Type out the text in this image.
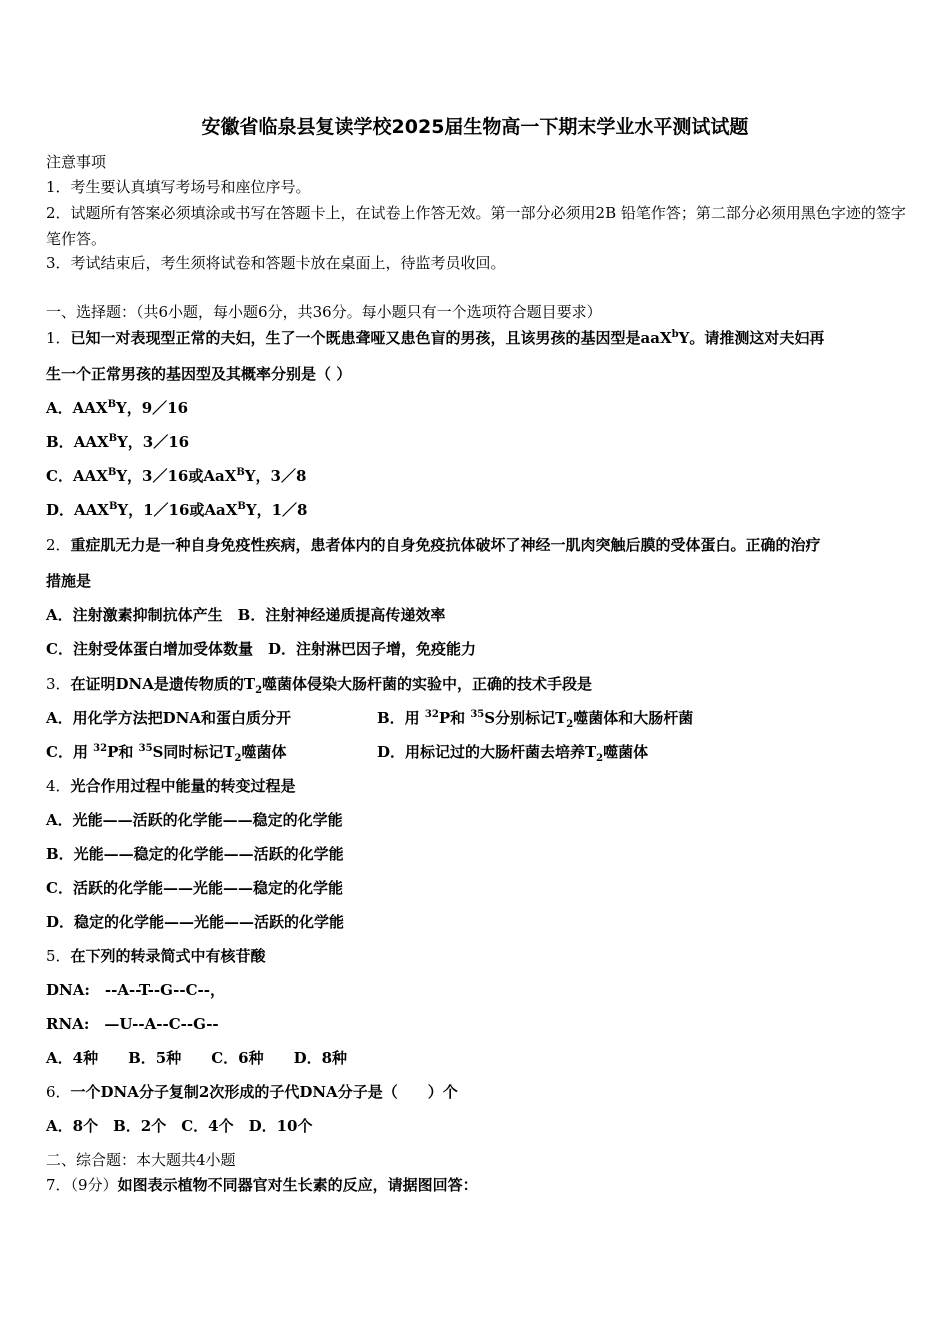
安徽省临泉县复读学校2025届生物高一下期末学业水平测试试题
注意事项
1．考生要认真填写考场号和座位序号。
2．试题所有答案必须填涂或书写在答题卡上，在试卷上作答无效。第一部分必须用2B 铅笔作答；第二部分必须用黑色字迹的签字笔作答。
3．考试结束后，考生须将试卷和答题卡放在桌面上，待监考员收回。
一、选择题：（共6小题，每小题6分，共36分。每小题只有一个选项符合题目要求）
1．已知一对表现型正常的夫妇，生了一个既患聋哑又患色盲的男孩，且该男孩的基因型是aaX$^b$Y。请推测这对夫妇再
生一个正常男孩的基因型及其概率分别是（ ）
A．$AAX^BY$，9／16
B．$AAX^BY$，3／16
C．$AAX^BY$，3／16或AaX$^B$Y，3／8
D．$AAX^BY$，1／16或AaX$^B$Y，1／8
2．重症肌无力是一种自身免疫性疾病，患者体内的自身免疫抗体破坏了神经一肌肉突触后膜的受体蛋白。正确的治疗
措施是
A．注射激素抑制抗体产生　B．注射神经递质提高传递效率
C．注射受体蛋白增加受体数量　D．注射淋巴因子增，免疫能力
3．在证明DNA是遗传物质的$T_2$噬菌体侵染大肠杆菌的实验中，正确的技术手段是
A．用化学方法把DNA和蛋白质分开	B．用 $^{32}$P和 $^{35}$S分别标记$T_2$噬菌体和大肠杆菌
C．用 $^{32}$P和 $^{35}$S同时标记$T_2$噬菌体	D．用标记过的大肠杆菌去培养$T_2$噬菌体
4．光合作用过程中能量的转变过程是
A．光能——活跃的化学能——稳定的化学能
B．光能——稳定的化学能——活跃的化学能
C．活跃的化学能——光能——稳定的化学能
D．稳定的化学能——光能——活跃的化学能
5．在下列的转录简式中有核苷酸
DNA:　--A--T--G--C--，
RNA:　—U--A--C--G--
A．4种　　B．5种　　C．6种　　D．8种
6．一个DNA分子复制2次形成的子代DNA分子是（　　）个
A．8个　B．2个　C．4个　D．10个
二、综合题：本大题共4小题
7．（9分）如图表示植物不同器官对生长素的反应，请据图回答：
